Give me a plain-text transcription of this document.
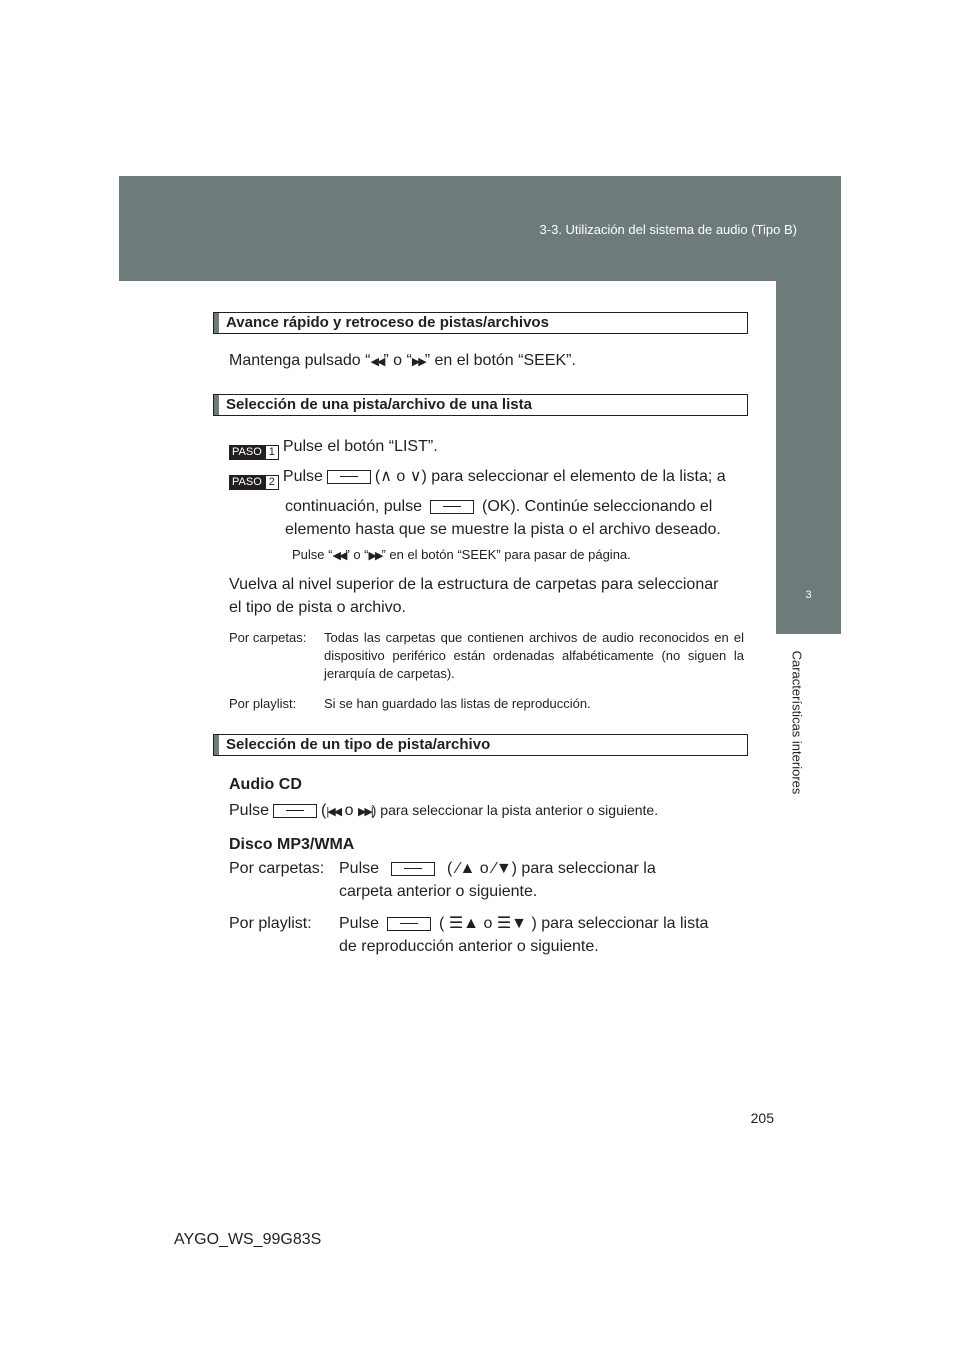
3-3. Utilización del sistema de audio (Tipo B)
3
Características interiores
Avance rápido y retroceso de pistas/archivos
Mantenga pulsado “◀◀” o “▶▶” en el botón “SEEK”.
Selección de una pista/archivo de una lista
PASO 1 Pulse el botón “LIST”.
PASO 2 Pulse	(∧ o ∨) para seleccionar el elemento de la lista; a
continuación, pulse	(OK). Continúe seleccionando el
elemento hasta que se muestre la pista o el archivo deseado.
Pulse “◀◀” o “▶▶” en el botón “SEEK” para pasar de página.
Vuelva al nivel superior de la estructura de carpetas para seleccionar
el tipo de pista o archivo.
Por carpetas: Todas las carpetas que contienen archivos de audio reconocidos en el dispositivo periférico están ordenadas alfabéticamente (no siguen la jerarquía de carpetas).
Por playlist: Si se han guardado las listas de reproducción.
Selección de un tipo de pista/archivo
Audio CD
Pulse	(|◀◀ o ▶▶|) para seleccionar la pista anterior o siguiente.
Disco MP3/WMA
Por carpetas: Pulse	( ⁄▲ o ⁄▼) para seleccionar la
carpeta anterior o siguiente.
Por playlist: Pulse	( ☰▲ o ☰▼ ) para seleccionar la lista
de reproducción anterior o siguiente.
205
AYGO_WS_99G83S
